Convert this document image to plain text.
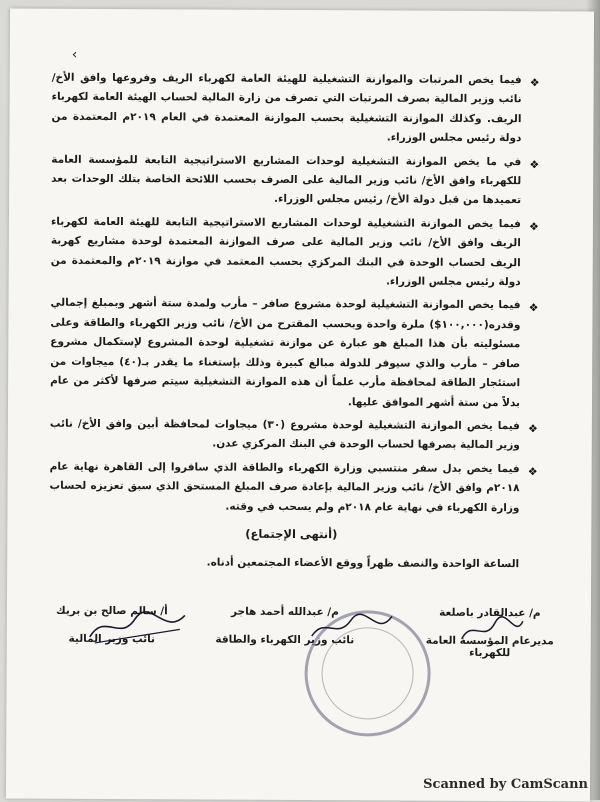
‹
❖
فيما يخص المرتبات والموازنة التشغيلية للهيئة العامة لكهرباء الريف وفروعها وافق الأخ/ نائب وزير المالية بصرف المرتبات التي تصرف من زارة المالية لحساب الهيئة العامة لكهرباء الريف. وكذلك الموازنة التشغيلية بحسب الموازنة المعتمدة في العام ٢٠١٩م المعتمدة من دولة رئيس مجلس الوزراء.
❖
في ما يخص الموازنة التشغيلية لوحدات المشاريع الاستراتيجية التابعة للمؤسسة العامة للكهرباء وافق الأخ/ نائب وزير المالية على الصرف بحسب اللائحة الخاصة بتلك الوحدات بعد تعميدها من قبل دولة الأخ/ رئيس مجلس الوزراء.
❖
فيما يخص الموازنة التشغيلية لوحدات المشاريع الاستراتيجية التابعة للهيئة العامة لكهرباء الريف وافق الأخ/ نائب وزير المالية على صرف الموازنة المعتمدة لوحدة مشاريع كهربة الريف لحساب الوحدة في البنك المركزي بحسب المعتمد في موازنة ٢٠١٩م والمعتمدة من دولة رئيس مجلس الوزراء.
❖
فيما يخص الموازنة التشغيلية لوحدة مشروع صافر – مأرب ولمدة ستة أشهر وبمبلغ إجمالي وقدره(١٠٠,٠٠٠$) ملرة واحدة وبحسب المقترح من الأخ/ نائب وزير الكهرباء والطاقة وعلى مسئوليته بأن هذا المبلغ هو عبارة عن موازنة تشغيلية لوحدة المشروع لإستكمال مشروع صافر – مأرب والذي سيوفر للدولة مبالغ كبيرة وذلك بإستغناء ما يقدر بـ(٤٠) ميجاوات من استئجار الطاقة لمحافظة مأرب علماً أن هذه الموازنة التشغيلية سيتم صرفها لأكثر من عام بدلاً من ستة أشهر الموافق عليها.
❖
فيما يخص الموازنة التشغيلية لوحدة مشروع (٣٠) ميجاوات لمحافظة أبين وافق الأخ/ نائب وزير المالية بصرفها لحساب الوحدة في البنك المركزي عدن.
❖
فيما يخص بدل سفر منتسبي وزارة الكهرباء والطاقة الذي سافروا إلى القاهرة نهاية عام ٢٠١٨م وافق الأخ/ نائب وزير المالية بإعادة صرف المبلغ المستحق الذي سبق تعزيزه لحساب وزارة الكهرباء في نهاية عام ٢٠١٨م ولم يسحب في وقته.
(أنتهى الإجتماع)
الساعة الواحدة والنصف ظهراً ووقع الأعضاء المجتمعين أدناه.
م/ عبدالقادر باصلعة
مديرعام المؤسسة العامة للكهرباء
م/ عبدالله أحمد هاجر
نائب وزير الكهرباء والطاقة
أ/ سالم صالح بن بريك
نائب وزير المالية
Scanned by CamScann
